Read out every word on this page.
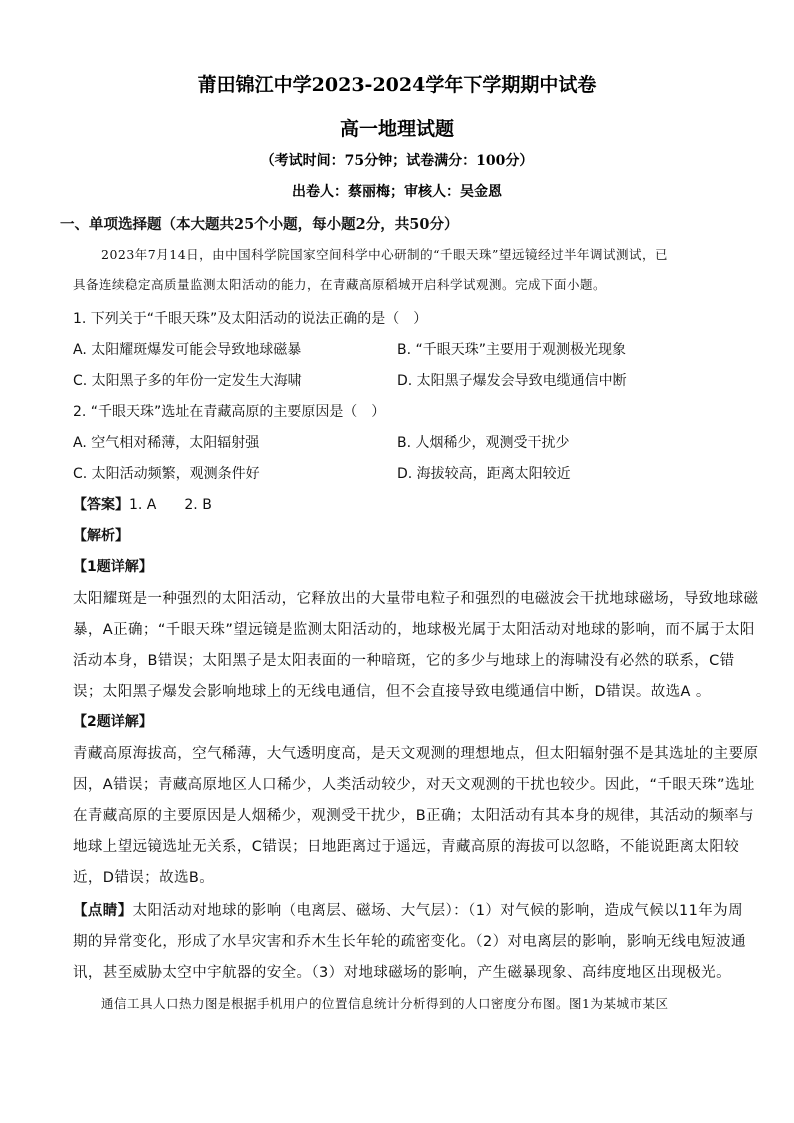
莆田锦江中学2023-2024学年下学期期中试卷
高一地理试题
（考试时间：75分钟；试卷满分：100分）
出卷人：蔡丽梅；审核人：吴金恩
一、单项选择题（本大题共25个小题，每小题2分，共50分）
2023年7月14日，由中国科学院国家空间科学中心研制的“千眼天珠”望远镜经过半年调试测试，已
具备连续稳定高质量监测太阳活动的能力，在青藏高原稻城开启科学试观测。完成下面小题。
1. 下列关于“千眼天珠”及太阳活动的说法正确的是（　）
A. 太阳耀斑爆发可能会导致地球磁暴	B. “千眼天珠”主要用于观测极光现象
C. 太阳黑子多的年份一定发生大海啸	D. 太阳黑子爆发会导致电缆通信中断
2. “千眼天珠”选址在青藏高原的主要原因是（　）
A. 空气相对稀薄，太阳辐射强	B. 人烟稀少，观测受干扰少
C. 太阳活动频繁，观测条件好	D. 海拔较高，距离太阳较近
【答案】1. A　　2. B
【解析】
【1题详解】
太阳耀斑是一种强烈的太阳活动，它释放出的大量带电粒子和强烈的电磁波会干扰地球磁场，导致地球磁
暴，A正确；“千眼天珠”望远镜是监测太阳活动的，地球极光属于太阳活动对地球的影响，而不属于太阳
活动本身，B错误；太阳黑子是太阳表面的一种暗斑，它的多少与地球上的海啸没有必然的联系，C错
误；太阳黑子爆发会影响地球上的无线电通信，但不会直接导致电缆通信中断，D错误。故选A 。
【2题详解】
青藏高原海拔高，空气稀薄，大气透明度高，是天文观测的理想地点，但太阳辐射强不是其选址的主要原
因，A错误；青藏高原地区人口稀少，人类活动较少，对天文观测的干扰也较少。因此，“千眼天珠”选址
在青藏高原的主要原因是人烟稀少，观测受干扰少，B正确；太阳活动有其本身的规律，其活动的频率与
地球上望远镜选址无关系，C错误；日地距离过于遥远，青藏高原的海拔可以忽略，不能说距离太阳较
近，D错误；故选B。
【点睛】太阳活动对地球的影响（电离层、磁场、大气层）：（1）对气候的影响，造成气候以11年为周
期的异常变化，形成了水旱灾害和乔木生长年轮的疏密变化。（2）对电离层的影响，影响无线电短波通
讯，甚至威胁太空中宇航器的安全。（3）对地球磁场的影响，产生磁暴现象、高纬度地区出现极光。
通信工具人口热力图是根据手机用户的位置信息统计分析得到的人口密度分布图。图1为某城市某区
